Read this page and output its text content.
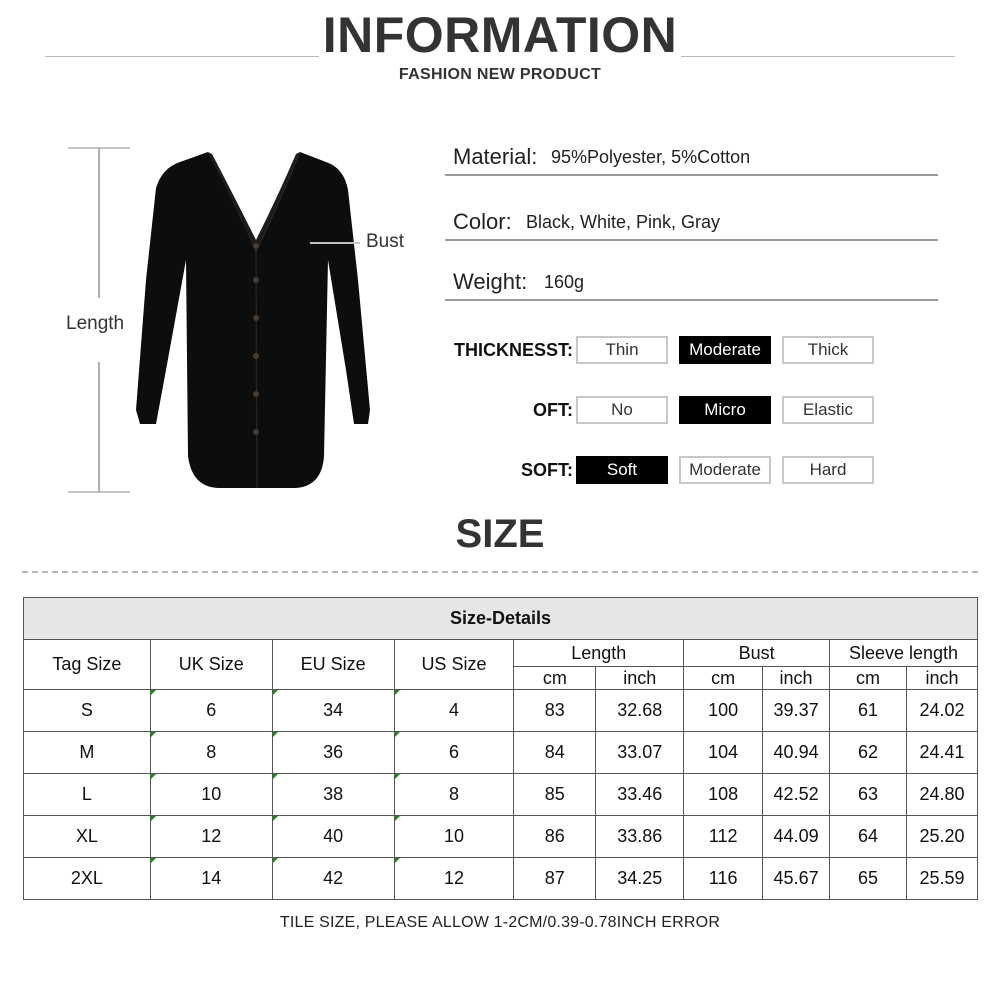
INFORMATION
FASHION NEW PRODUCT
Length
Bust
Material: 95%Polyester, 5%Cotton
Color: Black, White, Pink, Gray
Weight: 160g
THICKNESST:	Thin	Moderate	Thick
OFT:	No	Micro	Elastic
SOFT:	Soft	Moderate	Hard
SIZE
Size-Details									
Tag Size	UK Size	EU Size	US Size	Length		Bust		Sleeve length	
				cm	inch	cm	inch	cm	inch
S	6	34	4	83	32.68	100	39.37	61	24.02
M	8	36	6	84	33.07	104	40.94	62	24.41
L	10	38	8	85	33.46	108	42.52	63	24.80
XL	12	40	10	86	33.86	112	44.09	64	25.20
2XL	14	42	12	87	34.25	116	45.67	65	25.59
TILE SIZE, PLEASE ALLOW 1-2CM/0.39-0.78INCH ERROR
